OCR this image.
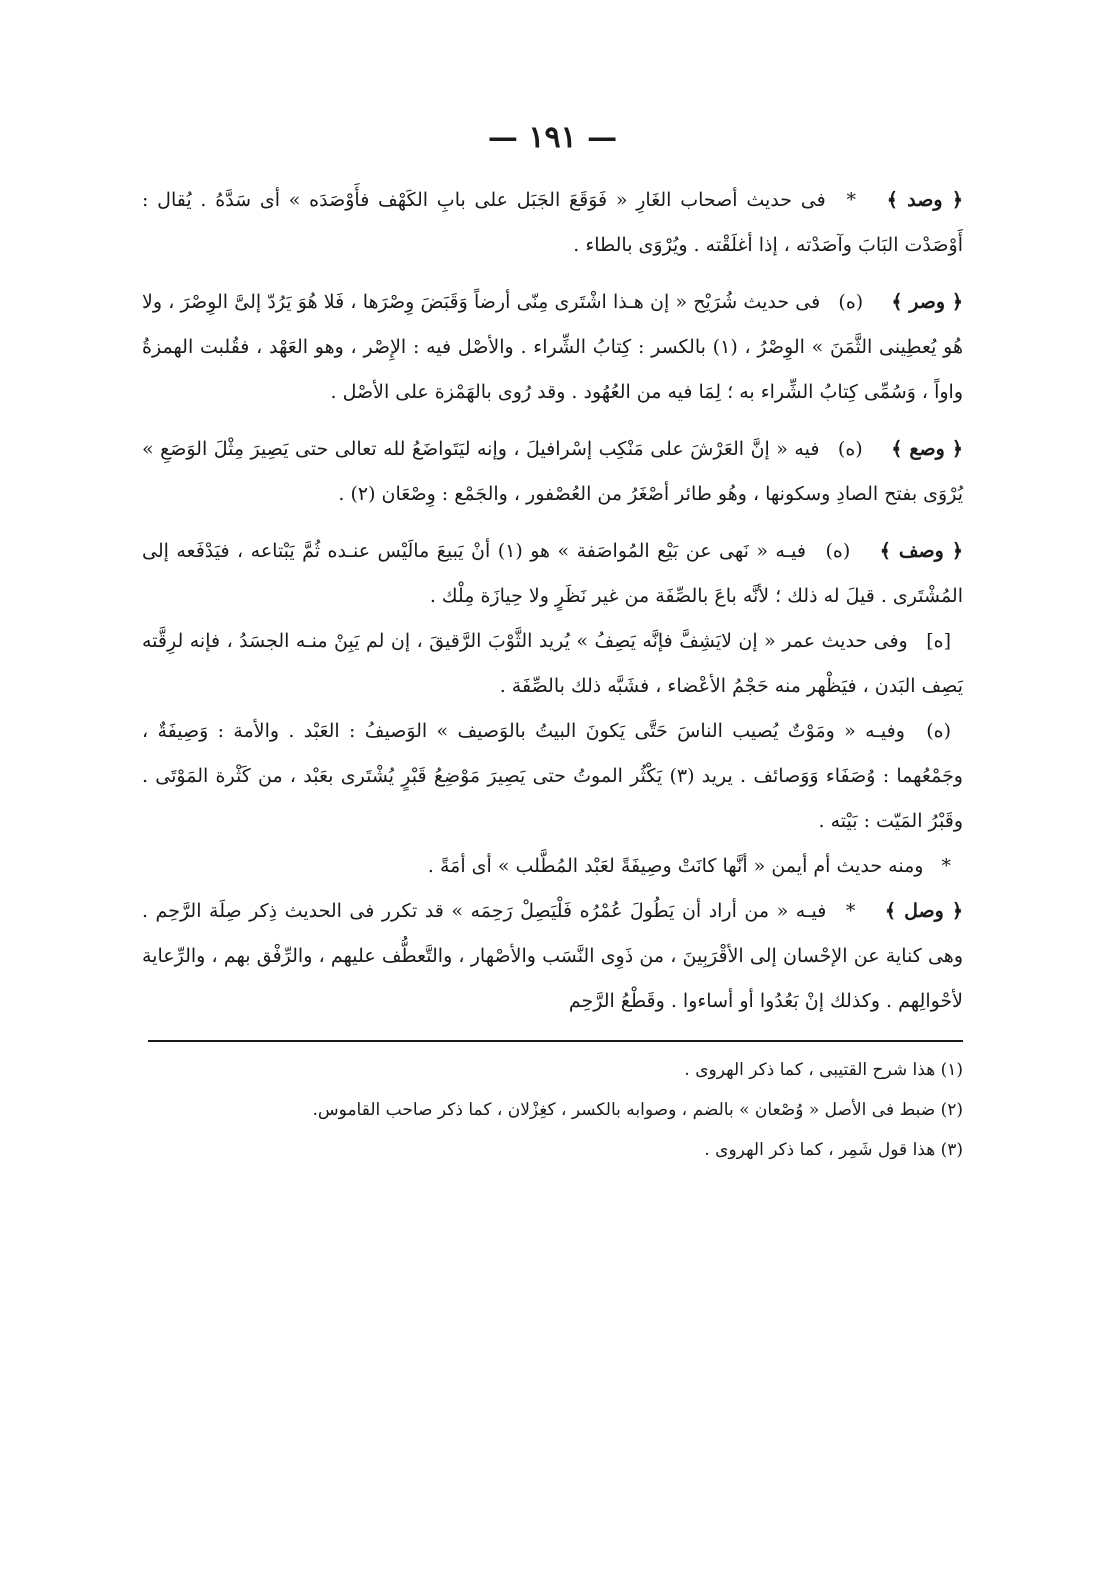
— ١٩١ —

﴿ وصد ﴾ * فى حديث أصحاب الغَارِ « فَوَقَعَ الجَبَل على بابِ الكَهْف فأَوْصَدَه » أى سَدَّهُ . يُقال : أَوْصَدْت البَابَ وآصَدْته ، إذا أغلَقْته . ويُرْوَى بالطاء .

﴿ وصر ﴾ (ه) فى حديث شُرَيْح « إن هـذا اشْتَرى مِنّى أرضاً وَقَبَضَ وِصْرَها ، فَلا هُوَ يَرُدّ إلىَّ الوِصْرَ ، ولا هُو يُعطِينى الثَّمَنَ » الوِصْرُ ، (١) بالكسر : كِتابُ الشِّراء . والأصْل فيه : الإِصْر ، وهو العَهْد ، فقُلبت الهمزةُ واواً ، وَسُمِّى كِتابُ الشِّراء به ؛ لِمَا فيه من العُهُود . وقد رُوى بالهَمْزة على الأصْل .

﴿ وصع ﴾ (ه) فيه « إنَّ العَرْشَ على مَنْكِب إسْرافيلَ ، وإنه ليَتَواضَعُ لله تعالى حتى يَصِيرَ مِثْلَ الوَصَعِ » يُرْوَى بفتح الصادِ وسكونها ، وهُو طائر أصْغَرُ من العُصْفور ، والجَمْع : وِصْعَان (٢) .

﴿ وصف ﴾ (ه) فيـه « نَهى عن بَيْع المُواصَفة » هو (١) أنْ يَبيعَ مالَيْس عنـده ثُمَّ يَبْتاعه ، فيَدْفَعه إلى المُشْتَرى . قيلَ له ذلك ؛ لأنَّه باعَ بالصِّفَة من غير نَظَرٍ ولا حِيازَة مِلْك .

[ه] وفى حديث عمر « إن لايَشِفَّ فإنَّه يَصِفُ » يُريد الثَّوْبَ الرَّقيقَ ، إن لم يَبِنْ منـه الجسَدُ ، فإنه لرِقَّته يَصِف البَدن ، فيَظْهر منه حَجْمُ الأعْضاء ، فشَبَّه ذلك بالصِّفَة .

(ه) وفيـه « ومَوْتٌ يُصيب الناسَ حَتَّى يَكونَ البيتُ بالوَصيف » الوَصيفُ : العَبْد . والأمة : وَصِيفَةٌ ، وجَمْعُهما : وُصَفَاء وَوَصائف . يريد (٣) يَكْثُر الموتُ حتى يَصِيرَ مَوْضِعُ قَبْرٍ يُشْتَرى بعَبْد ، من كَثْرة المَوْتَى . وقَبْرُ المَيّت : بَيْته .

* ومنه حديث أم أيمن « أنَّها كانَتْ وصِيفَةً لعَبْد المُطَّلب » أى أمَةً .

﴿ وصل ﴾ * فيـه « من أراد أن يَطُولَ عُمْرُه فَلْيَصِلْ رَحِمَه » قد تكرر فى الحديث ذِكر صِلَة الرَّحِم . وهى كناية عن الإحْسان إلى الأقْرَبِينَ ، من ذَوِى النَّسَب والأصْهار ، والتَّعطُّف عليهم ، والرِّفْق بهم ، والرِّعاية لأحْوالِهم . وكذلك إنْ بَعُدُوا أو أساءوا . وقَطْعُ الرَّحِم

(١) هذا شرح القتيبى ، كما ذكر الهروى .

(٢) ضبط فى الأصل « وُصْعان » بالضم ، وصوابه بالكسر ، كغِزْلان ، كما ذكر صاحب القاموس.

(٣) هذا قول شَمِر ، كما ذكر الهروى .
